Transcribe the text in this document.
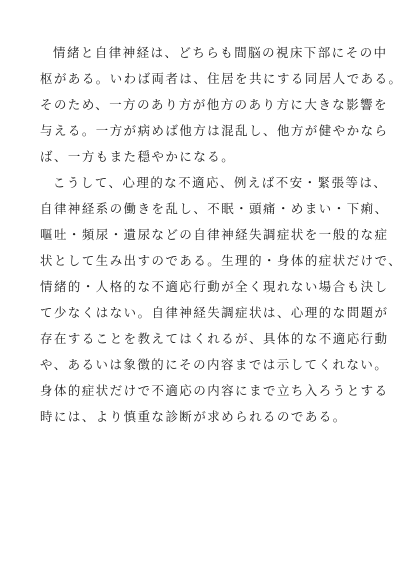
情緒と自律神経は、どちらも間脳の視床下部にその中
枢がある。いわば両者は、住居を共にする同居人である。
そのため、一方のあり方が他方のあり方に大きな影響を
与える。一方が病めば他方は混乱し、他方が健やかなら
ば、一方もまた穏やかになる。
こうして、心理的な不適応、例えば不安・緊張等は、
自律神経系の働きを乱し、不眠・頭痛・めまい・下痢、
嘔吐・頻尿・遺尿などの自律神経失調症状を一般的な症
状として生み出すのである。生理的・身体的症状だけで、
情緒的・人格的な不適応行動が全く現れない場合も決し
て少なくはない。自律神経失調症状は、心理的な問題が
存在することを教えてはくれるが、具体的な不適応行動
や、あるいは象徴的にその内容までは示してくれない。
身体的症状だけで不適応の内容にまで立ち入ろうとする
時には、より慎重な診断が求められるのである。
